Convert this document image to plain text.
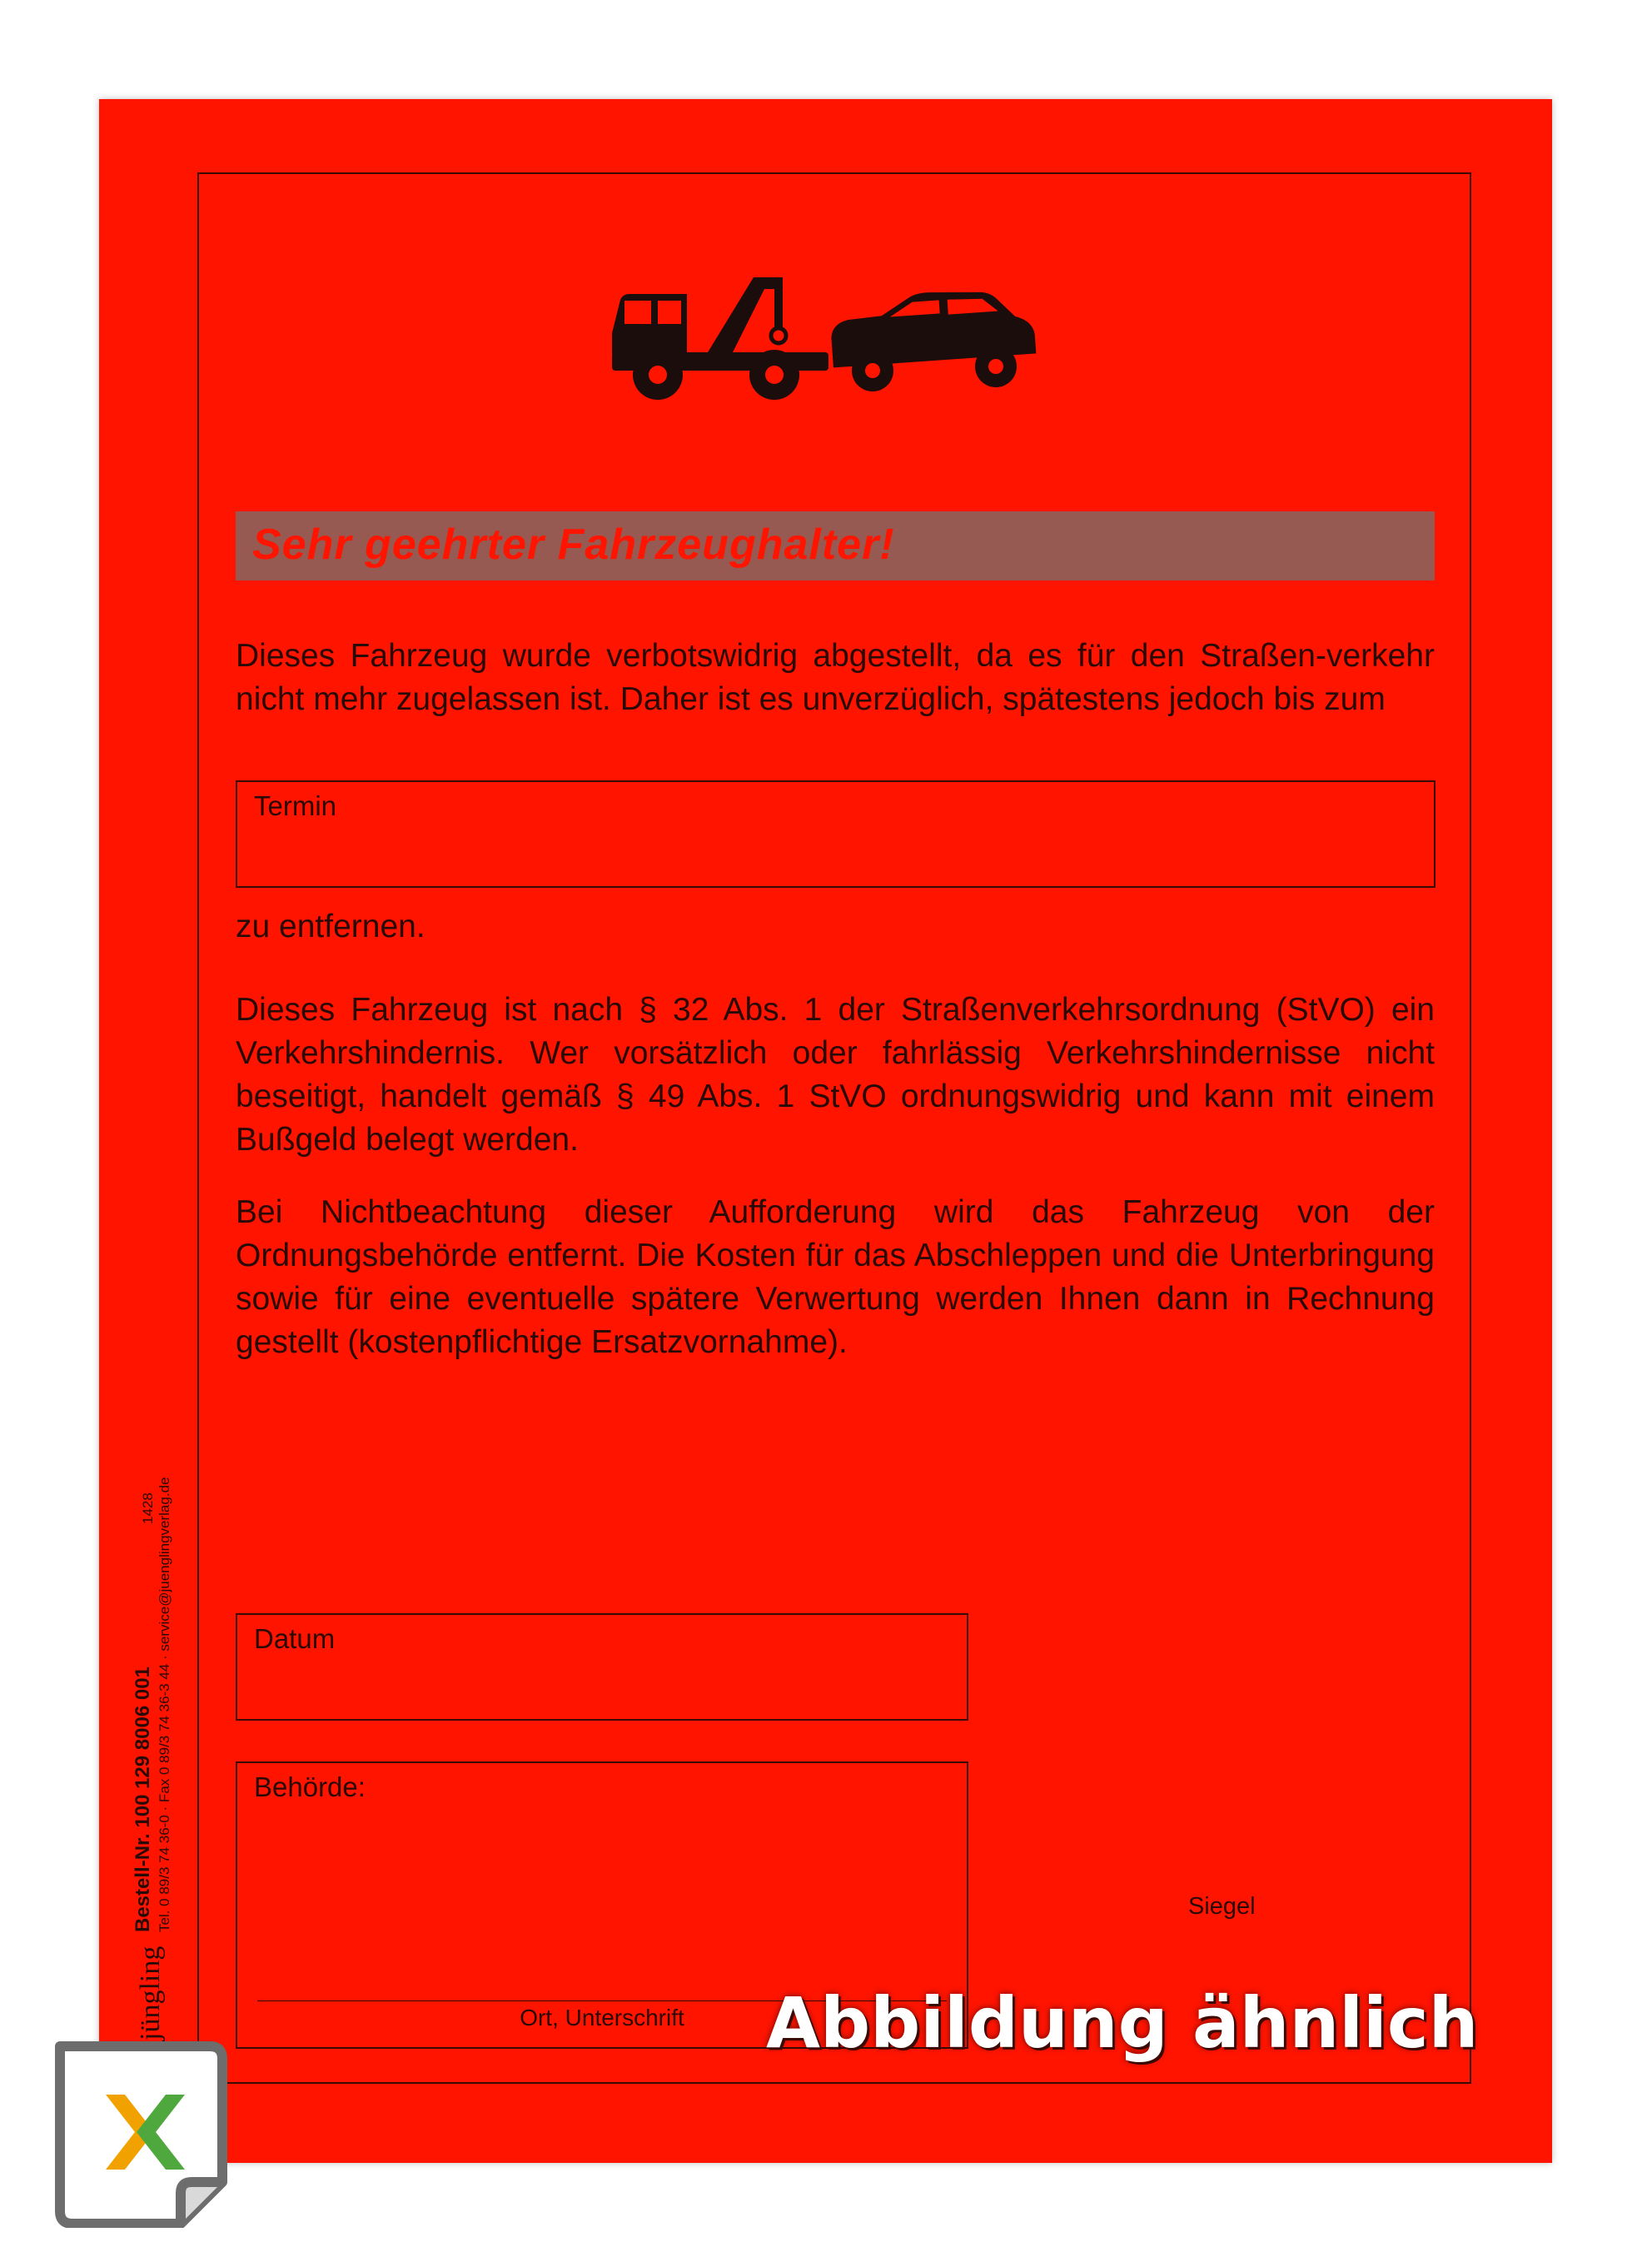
Sehr geehrter Fahrzeughalter!

Dieses Fahrzeug wurde verbotswidrig abgestellt, da es für den Straßen-verkehr nicht mehr zugelassen ist. Daher ist es unverzüglich, spätestens jedoch bis zum

Termin

zu entfernen.

Dieses Fahrzeug ist nach § 32 Abs. 1 der Straßenverkehrsordnung (StVO) ein Verkehrshindernis. Wer vorsätzlich oder fahrlässig Verkehrshindernisse nicht beseitigt, handelt gemäß § 49 Abs. 1 StVO ordnungswidrig und kann mit einem Bußgeld belegt werden.

Bei Nichtbeachtung dieser Aufforderung wird das Fahrzeug von der Ordnungsbehörde entfernt. Die Kosten für das Abschleppen und die Unterbringung sowie für eine eventuelle spätere Verwertung werden Ihnen dann in Rechnung gestellt (kostenpflichtige Ersatzvornahme).

Datum
Behörde:
Ort, Unterschrift
Siegel
jüngling
Bestell-Nr. 100 129 8006 001 Tel. 0 89/3 74 36-0 · Fax 0 89/3 74 36-3 44 · service@juenglingverlag.de
1428
Abbildung ähnlich
